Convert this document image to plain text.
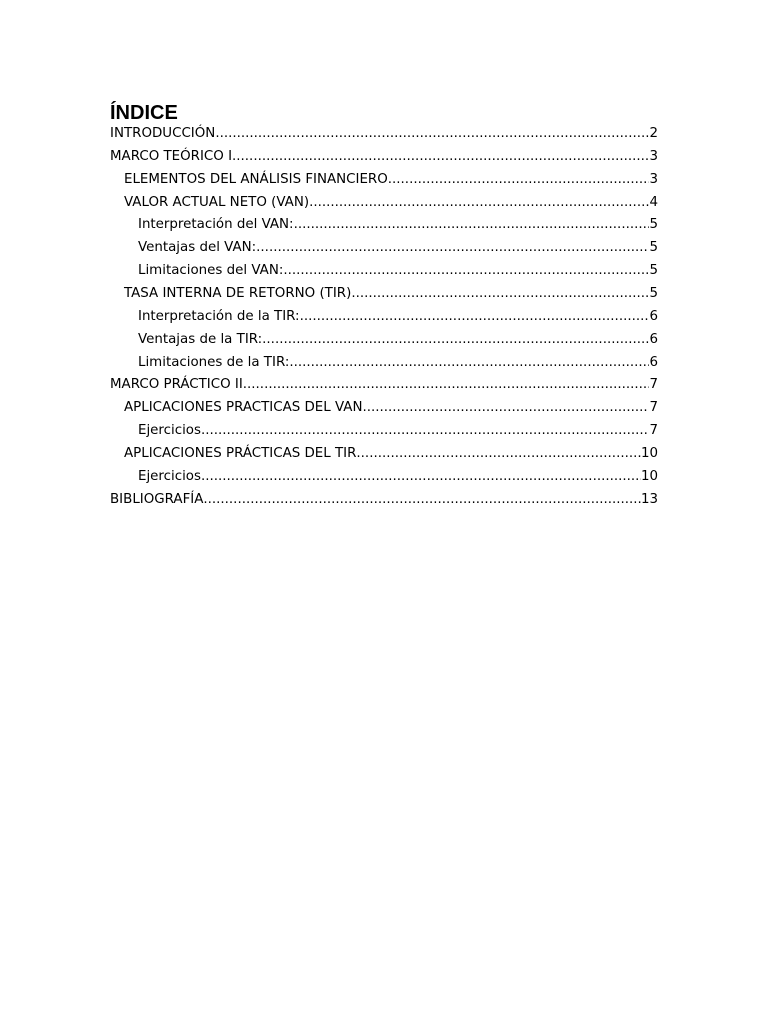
ÍNDICE
INTRODUCCIÓN .....	2
MARCO TEÓRICO I .....	3
ELEMENTOS DEL ANÁLISIS FINANCIERO .....	3
VALOR ACTUAL NETO (VAN) .....	4
Interpretación del VAN: .....	5
Ventajas del VAN: .....	5
Limitaciones del VAN: .....	5
TASA INTERNA DE RETORNO (TIR) .....	5
Interpretación de la TIR: .....	6
Ventajas de la TIR: .....	6
Limitaciones de la TIR: .....	6
MARCO PRÁCTICO II .....	7
APLICACIONES PRACTICAS DEL VAN .....	7
Ejercicios .....	7
APLICACIONES PRÁCTICAS DEL TIR .....	10
Ejercicios .....	10
BIBLIOGRAFÍA .....	13
